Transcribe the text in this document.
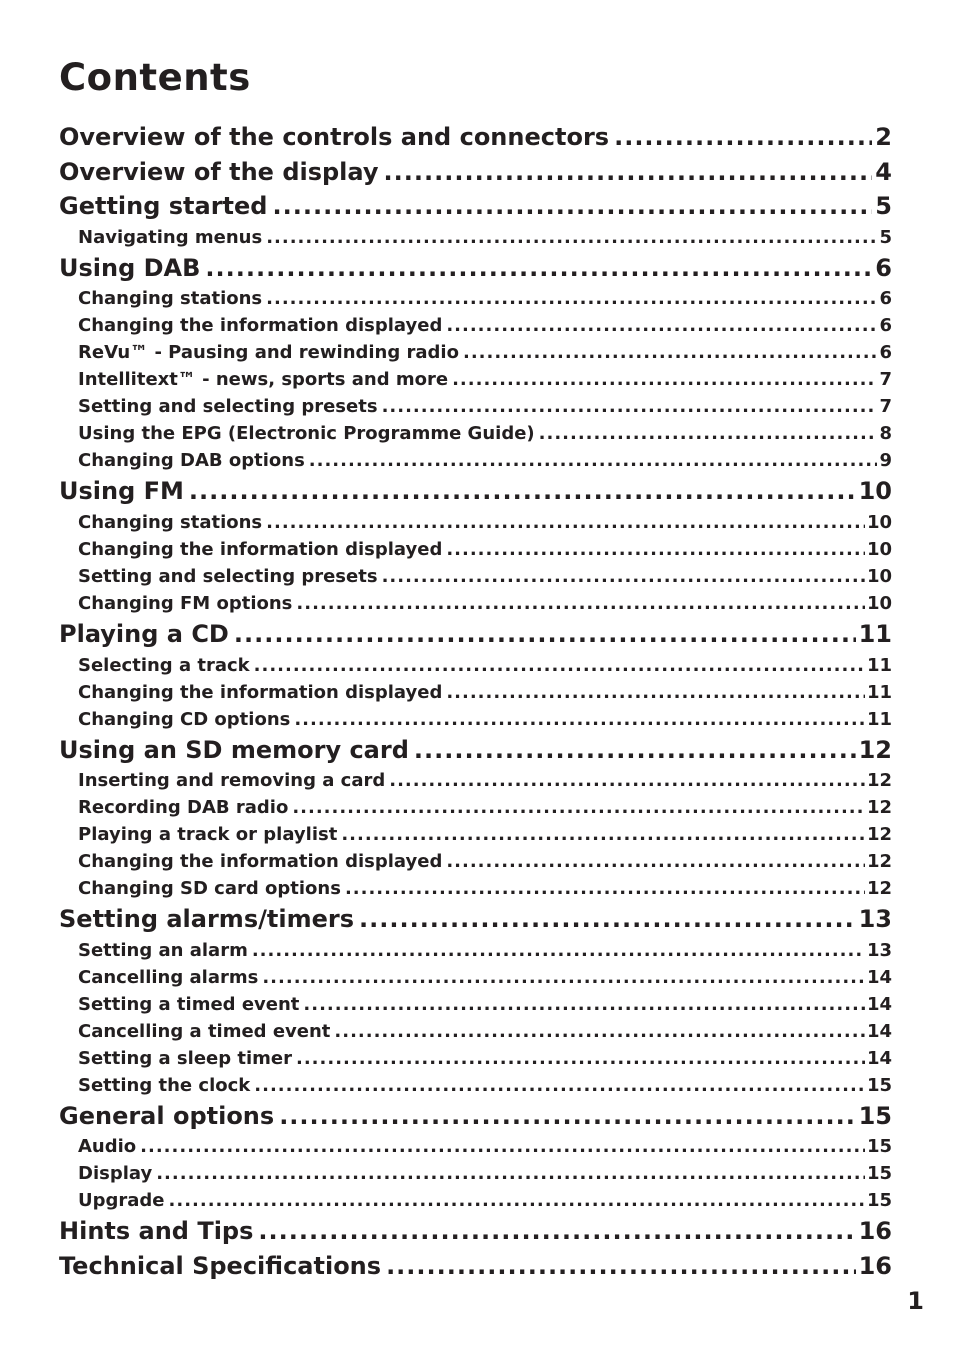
Contents
Overview of the controls and connectors .....	2
Overview of the display .....	4
Getting started .....	5
Navigating menus .....	5
Using DAB .....	6
Changing stations .....	6
Changing the information displayed .....	6
ReVu™ - Pausing and rewinding radio .....	6
Intellitext™ - news, sports and more .....	7
Setting and selecting presets .....	7
Using the EPG (Electronic Programme Guide) .....	8
Changing DAB options .....	9
Using FM .....	10
Changing stations .....	10
Changing the information displayed .....	10
Setting and selecting presets .....	10
Changing FM options .....	10
Playing a CD .....	11
Selecting a track .....	11
Changing the information displayed .....	11
Changing CD options .....	11
Using an SD memory card .....	12
Inserting and removing a card .....	12
Recording DAB radio .....	12
Playing a track or playlist .....	12
Changing the information displayed .....	12
Changing SD card options .....	12
Setting alarms/timers .....	13
Setting an alarm .....	13
Cancelling alarms .....	14
Setting a timed event .....	14
Cancelling a timed event .....	14
Setting a sleep timer .....	14
Setting the clock .....	15
General options .....	15
Audio .....	15
Display .....	15
Upgrade .....	15
Hints and Tips .....	16
Technical Specifications .....	16
1
